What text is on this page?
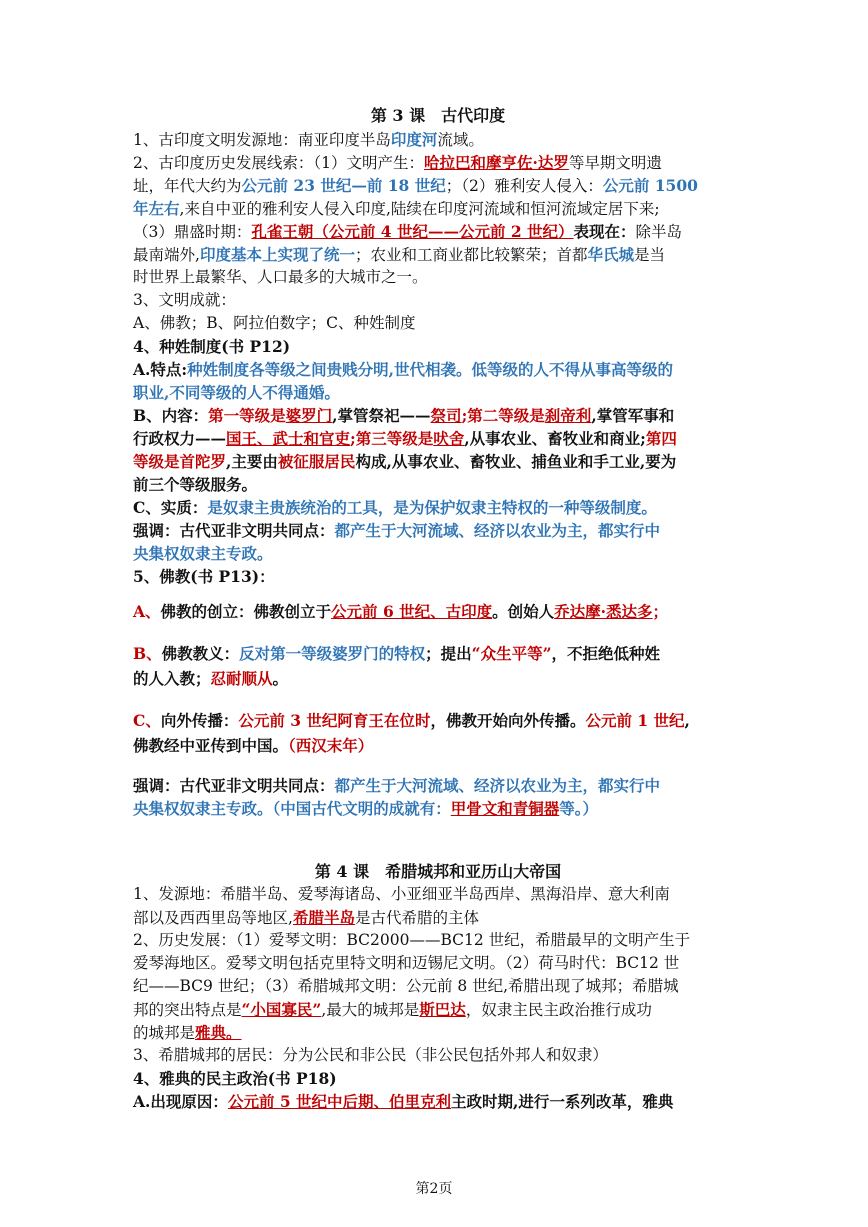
第 3 课　古代印度
1、古印度文明发源地：南亚印度半岛印度河流域。
2、古印度历史发展线索：（1）文明产生：哈拉巴和摩亨佐·达罗等早期文明遗
址，年代大约为公元前 23 世纪—前 18 世纪；（2）雅利安人侵入：公元前 1500
年左右,来自中亚的雅利安人侵入印度,陆续在印度河流域和恒河流域定居下来;
（3）鼎盛时期：孔雀王朝（公元前 4 世纪——公元前 2 世纪）表现在：除半岛
最南端外,印度基本上实现了统一；农业和工商业都比较繁荣；首都华氏城是当
时世界上最繁华、人口最多的大城市之一。
3、文明成就：
A、佛教；B、阿拉伯数字；C、种姓制度
4、种姓制度(书 P12)
A.特点:种姓制度各等级之间贵贱分明,世代相袭。低等级的人不得从事高等级的
职业,不同等级的人不得通婚。
B、内容：第一等级是婆罗门,掌管祭祀——祭司;第二等级是刹帝利,掌管军事和
行政权力——国王、武士和官吏;第三等级是吠舍,从事农业、畜牧业和商业;第四
等级是首陀罗,主要由被征服居民构成,从事农业、畜牧业、捕鱼业和手工业,要为
前三个等级服务。
C、实质：是奴隶主贵族统治的工具，是为保护奴隶主特权的一种等级制度。
强调：古代亚非文明共同点：都产生于大河流域、经济以农业为主，都实行中
央集权奴隶主专政。
5、佛教(书 P13)：
A、佛教的创立：佛教创立于公元前 6 世纪、古印度。创始人乔达摩·悉达多；
B、佛教教义：反对第一等级婆罗门的特权；提出“众生平等”，不拒绝低种姓
的人入教；忍耐顺从。
C、向外传播：公元前 3 世纪阿育王在位时，佛教开始向外传播。公元前 1 世纪,
佛教经中亚传到中国。（西汉末年）
强调：古代亚非文明共同点：都产生于大河流域、经济以农业为主，都实行中
央集权奴隶主专政。（中国古代文明的成就有：甲骨文和青铜器等。）
第 4 课　希腊城邦和亚历山大帝国
1、发源地：希腊半岛、爱琴海诸岛、小亚细亚半岛西岸、黑海沿岸、意大利南
部以及西西里岛等地区,希腊半岛是古代希腊的主体
2、历史发展：（1）爱琴文明：BC2000——BC12 世纪，希腊最早的文明产生于
爱琴海地区。爱琴文明包括克里特文明和迈锡尼文明。（2）荷马时代：BC12 世
纪——BC9 世纪；（3）希腊城邦文明：公元前 8 世纪,希腊出现了城邦；希腊城
邦的突出特点是“小国寡民”,最大的城邦是斯巴达，奴隶主民主政治推行成功
的城邦是雅典。
3、希腊城邦的居民：分为公民和非公民（非公民包括外邦人和奴隶）
4、雅典的民主政治(书 P18)
A.出现原因：公元前 5 世纪中后期、伯里克利主政时期,进行一系列改革，雅典
第2页
